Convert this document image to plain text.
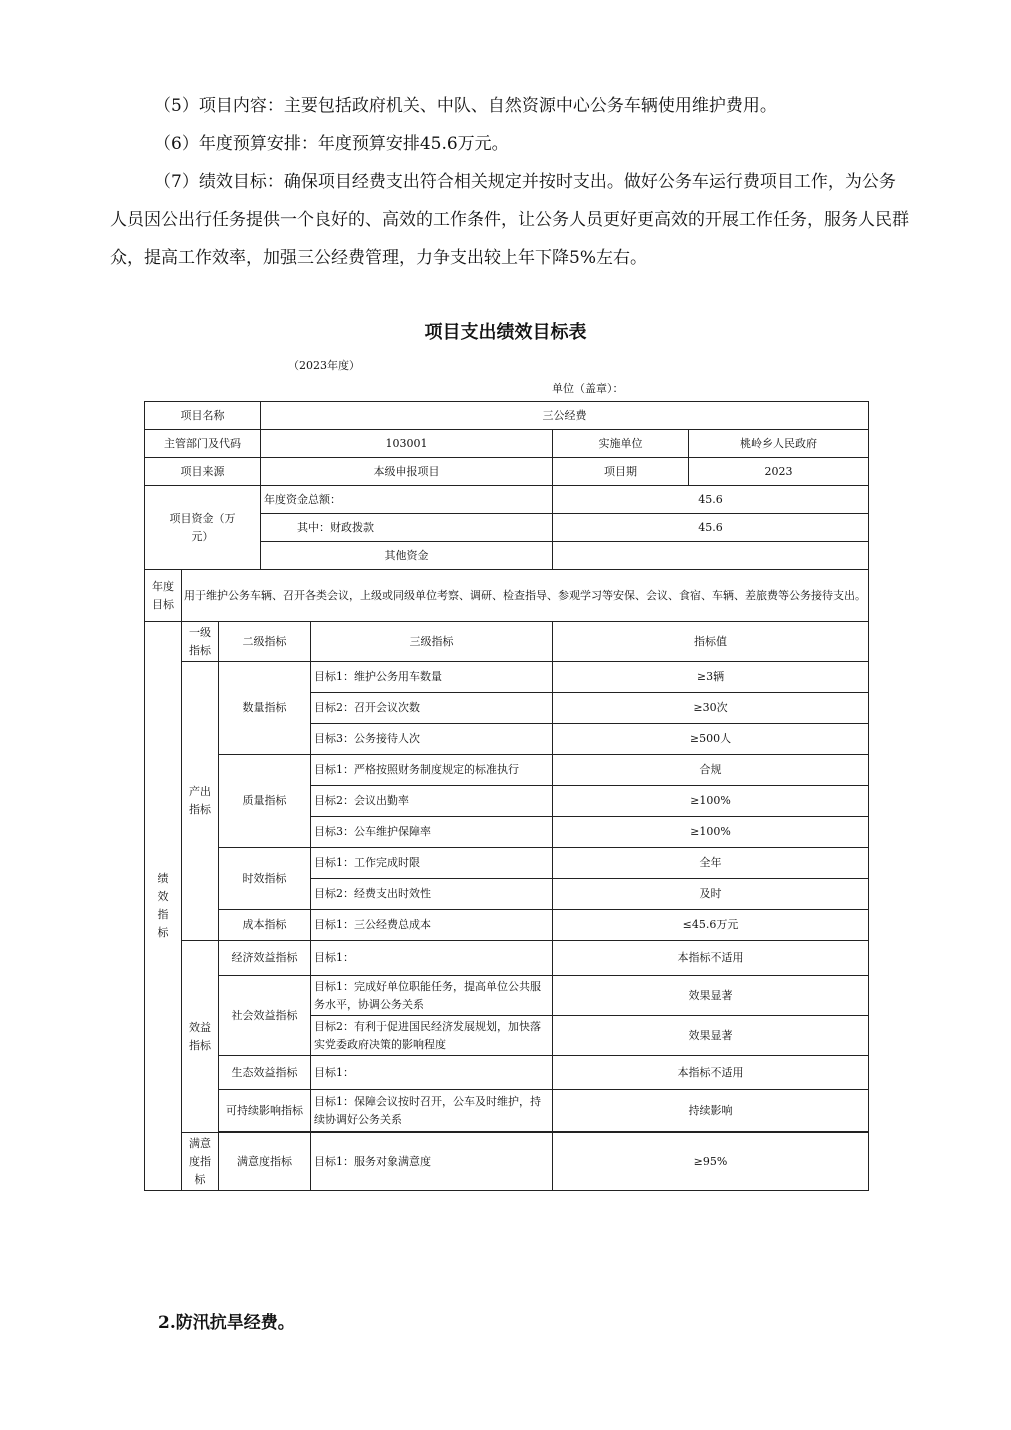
（5）项目内容：主要包括政府机关、中队、自然资源中心公务车辆使用维护费用。

（6）年度预算安排：年度预算安排45.6万元。

（7）绩效目标：确保项目经费支出符合相关规定并按时支出。做好公务车运行费项目工作，为公务人员因公出行任务提供一个良好的、高效的工作条件，让公务人员更好更高效的开展工作任务，服务人民群众，提高工作效率，加强三公经费管理，力争支出较上年下降5%左右。

项目支出绩效目标表
（2023年度）
单位（盖章）：
项目名称			三公经费			
主管部门及代码			103001		实施单位	桃岭乡人民政府
项目来源			本级申报项目		项目期	2023
项目资金（万元）			年度资金总额：		45.6	
			其中：财政拨款		45.6	
			其他资金			
年度目标	用于维护公务车辆、召开各类会议，上级或同级单位考察、调研、检查指导、参观学习等安保、会议、食宿、车辆、差旅费等公务接待支出。					
绩效指标	一级指标	二级指标		三级指标	指标值	
	产出指标	数量指标		目标1：维护公务用车数量	≥3辆	
				目标2：召开会议次数	≥30次	
				目标3：公务接待人次	≥500人	
		质量指标		目标1：严格按照财务制度规定的标准执行	合规	
				目标2：会议出勤率	≥100%	
				目标3：公车维护保障率	≥100%	
		时效指标		目标1：工作完成时限	全年	
				目标2：经费支出时效性	及时	
		成本指标		目标1：三公经费总成本	≤45.6万元	
	效益指标	经济效益指标		目标1：	本指标不适用	
		社会效益指标		目标1：完成好单位职能任务，提高单位公共服务水平，协调公务关系	效果显著	
				目标2：有利于促进国民经济发展规划，加快落实党委政府决策的影响程度	效果显著	
		生态效益指标		目标1：	本指标不适用	
		可持续影响指标		目标1：保障会议按时召开，公车及时维护，持续协调好公务关系	持续影响	

	满意度指标	满意度指标		目标1：服务对象满意度	≥95%	
2.防汛抗旱经费。
